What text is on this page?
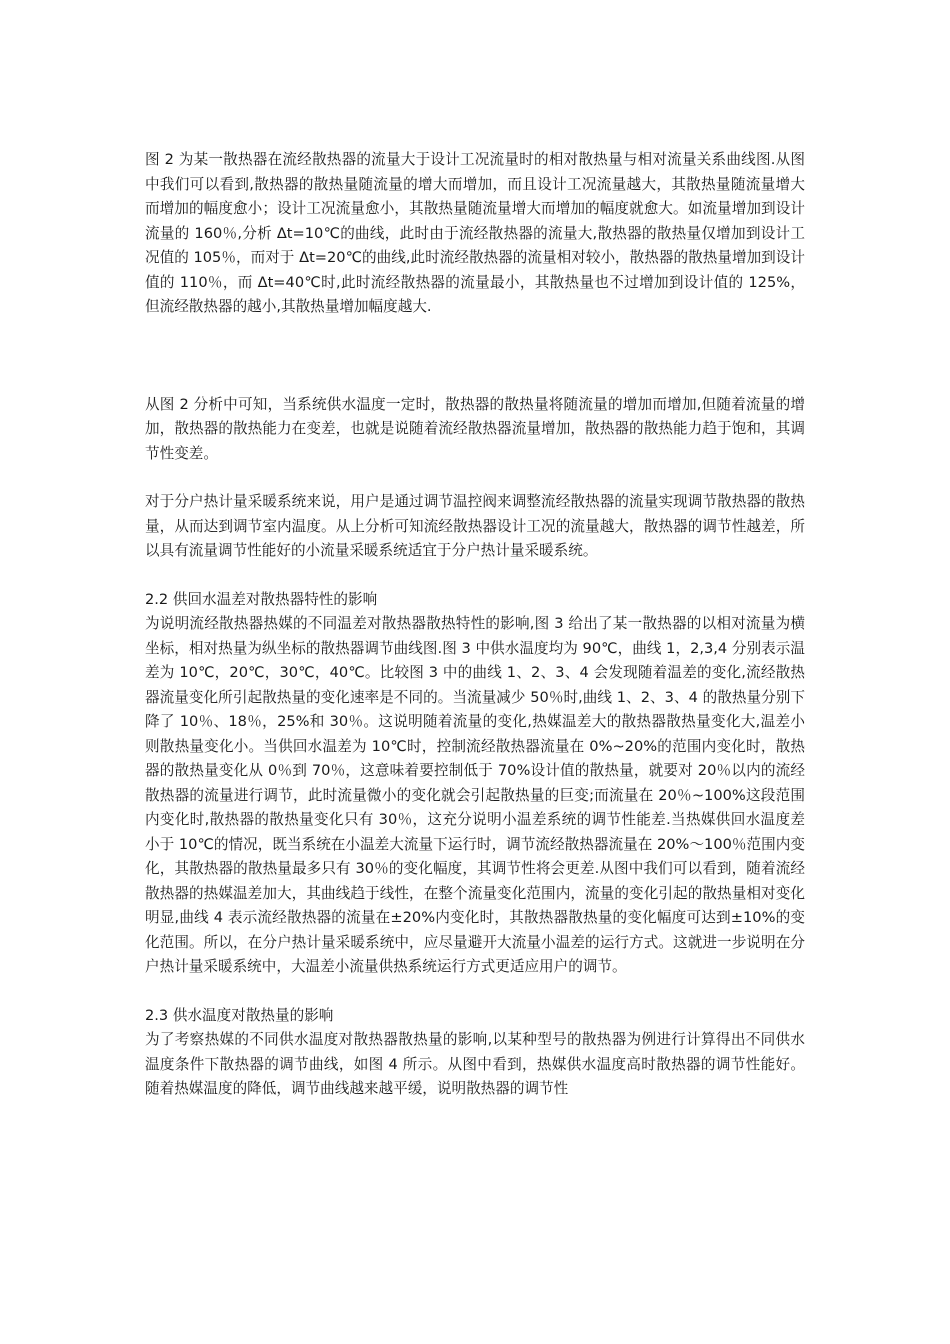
图 2 为某一散热器在流经散热器的流量大于设计工况流量时的相对散热量与相对流量关系曲线图.从图中我们可以看到,散热器的散热量随流量的增大而增加，而且设计工况流量越大，其散热量随流量增大而增加的幅度愈小；设计工况流量愈小，其散热量随流量增大而增加的幅度就愈大。如流量增加到设计流量的 160％,分析 Δt=10℃的曲线，此时由于流经散热器的流量大,散热器的散热量仅增加到设计工况值的 105％，而对于 Δt=20℃的曲线,此时流经散热器的流量相对较小，散热器的散热量增加到设计值的 110％，而 Δt=40℃时,此时流经散热器的流量最小，其散热量也不过增加到设计值的 125%，但流经散热器的越小,其散热量增加幅度越大.

从图 2 分析中可知，当系统供水温度一定时，散热器的散热量将随流量的增加而增加,但随着流量的增加，散热器的散热能力在变差，也就是说随着流经散热器流量增加，散热器的散热能力趋于饱和，其调节性变差。

对于分户热计量采暖系统来说，用户是通过调节温控阀来调整流经散热器的流量实现调节散热器的散热量，从而达到调节室内温度。从上分析可知流经散热器设计工况的流量越大，散热器的调节性越差，所以具有流量调节性能好的小流量采暖系统适宜于分户热计量采暖系统。

2.2 供回水温差对散热器特性的影响

为说明流经散热器热媒的不同温差对散热器散热特性的影响,图 3 给出了某一散热器的以相对流量为横坐标，相对热量为纵坐标的散热器调节曲线图.图 3 中供水温度均为 90℃，曲线 1，2,3,4 分别表示温差为 10℃，20℃，30℃，40℃。比较图 3 中的曲线 1、2、3、4 会发现随着温差的变化,流经散热器流量变化所引起散热量的变化速率是不同的。当流量减少 50％时,曲线 1、2、3、4 的散热量分别下降了 10％、18％，25%和 30％。这说明随着流量的变化,热媒温差大的散热器散热量变化大,温差小则散热量变化小。当供回水温差为 10℃时，控制流经散热器流量在 0%~20%的范围内变化时，散热器的散热量变化从 0％到 70％，这意味着要控制低于 70%设计值的散热量，就要对 20％以内的流经散热器的流量进行调节，此时流量微小的变化就会引起散热量的巨变;而流量在 20％~100%这段范围内变化时,散热器的散热量变化只有 30％，这充分说明小温差系统的调节性能差.当热媒供回水温度差小于 10℃的情况，既当系统在小温差大流量下运行时，调节流经散热器流量在 20%～100％范围内变化，其散热器的散热量最多只有 30％的变化幅度，其调节性将会更差.从图中我们可以看到，随着流经散热器的热媒温差加大，其曲线趋于线性，在整个流量变化范围内，流量的变化引起的散热量相对变化明显,曲线 4 表示流经散热器的流量在±20%内变化时，其散热器散热量的变化幅度可达到±10%的变化范围。所以，在分户热计量采暖系统中，应尽量避开大流量小温差的运行方式。这就进一步说明在分户热计量采暖系统中，大温差小流量供热系统运行方式更适应用户的调节。

2.3 供水温度对散热量的影响

为了考察热媒的不同供水温度对散热器散热量的影响,以某种型号的散热器为例进行计算得出不同供水温度条件下散热器的调节曲线，如图 4 所示。从图中看到，热媒供水温度高时散热器的调节性能好。随着热媒温度的降低，调节曲线越来越平缓，说明散热器的调节性
